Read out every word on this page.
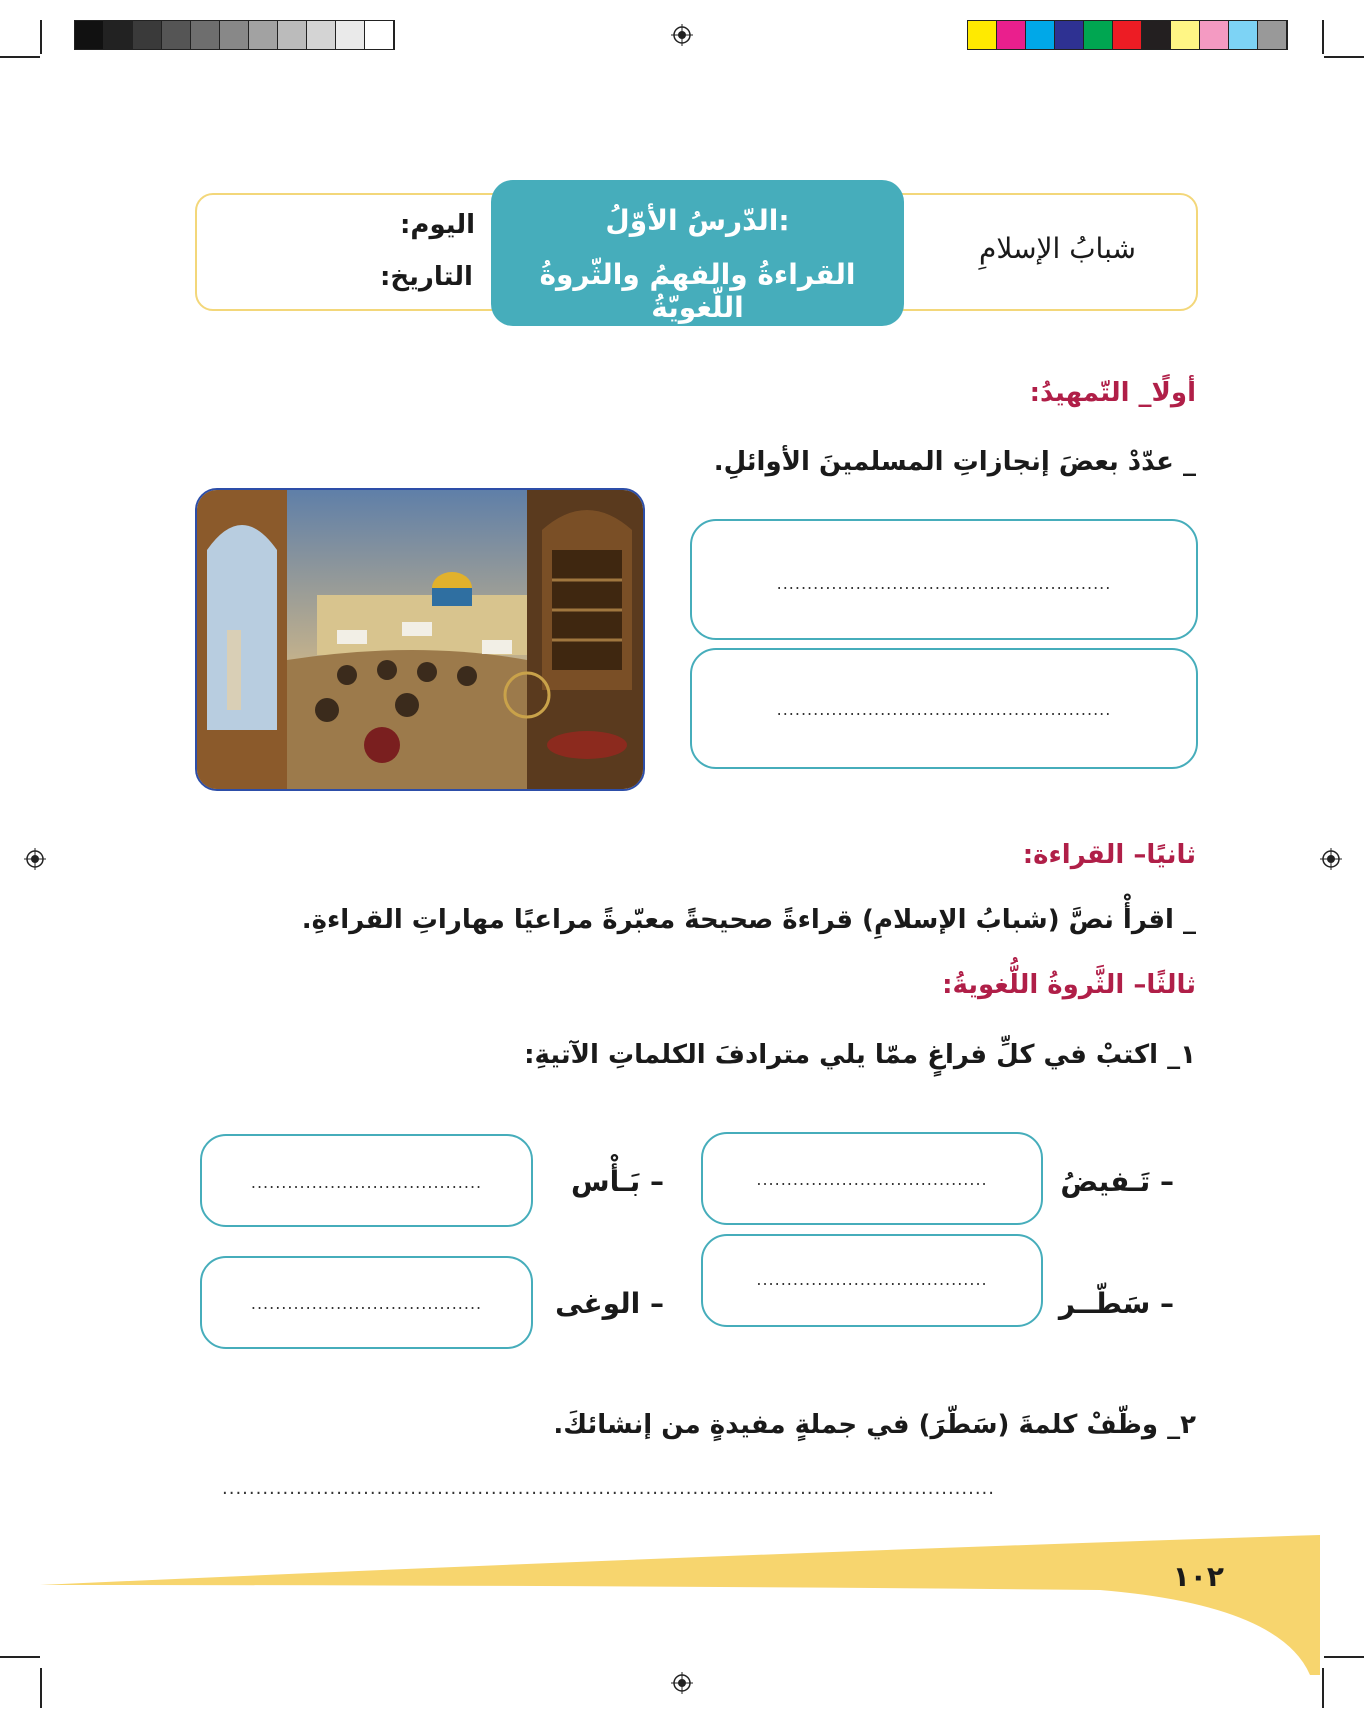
الدّرسُ الأوّلُ:
القراءةُ والفهمُ والثّروةُ اللّغويّةُ
شبابُ الإسلامِ
اليوم:
التاريخ:
أولًا_ التّمهيدُ:
_ عدّدْ بعضَ إنجازاتِ المسلمينَ الأوائلِ.
.......................................................
.......................................................
ثانيًا– القراءة:
_ اقرأْ نصَّ (شبابُ الإسلامِ) قراءةً صحيحةً معبّرةً مراعيًا مهاراتِ القراءةِ.
ثالثًا– الثَّروةُ اللُّغويةُ:
١_ اكتبْ في كلِّ فراغٍ ممّا يلي مترادفَ الكلماتِ الآتيةِ:
– تَـفيضُ
......................................
– بَـأْس
......................................
– سَطّــر
......................................
– الوغى
......................................
٢_ وظّفْ كلمةَ (سَطّرَ) في جملةٍ مفيدةٍ من إنشائكَ.
...................................................................................................................
١٠٢
